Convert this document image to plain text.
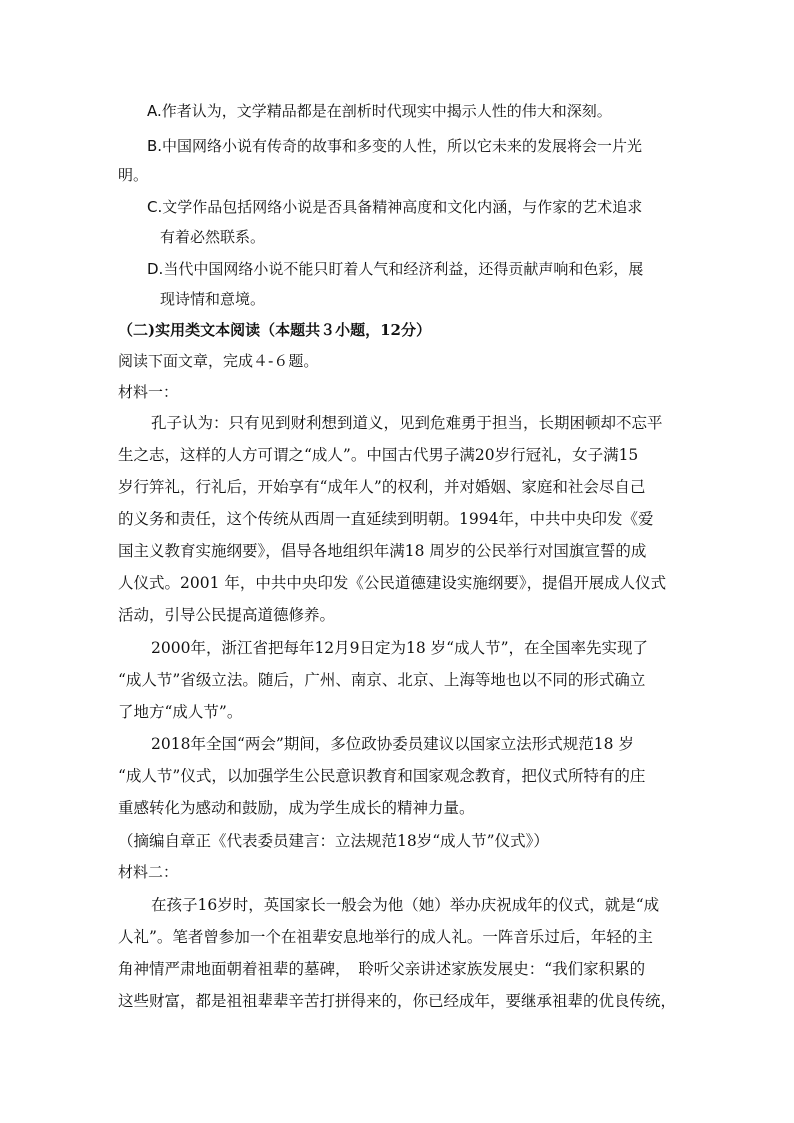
A.作者认为，文学精品都是在剖析时代现实中揭示人性的伟大和深刻。
B.中国网络小说有传奇的故事和多变的人性，所以它未来的发展将会一片光
明。
C.文学作品包括网络小说是否具备精神高度和文化内涵，与作家的艺术追求
有着必然联系。
D.当代中国网络小说不能只盯着人气和经济利益，还得贡献声响和色彩，展
现诗情和意境。
（二)实用类文本阅读（本题共３小题，12分）
阅读下面文章，完成４-６题。
材料一：
孔子认为：只有见到财利想到道义，见到危难勇于担当，长期困顿却不忘平
生之志，这样的人方可谓之“成人”。中国古代男子满20岁行冠礼，女子满15
岁行笄礼，行礼后，开始享有“成年人”的权利，并对婚姻、家庭和社会尽自己
的义务和责任，这个传统从西周一直延续到明朝。1994年，中共中央印发《爱
国主义教育实施纲要》，倡导各地组织年满18 周岁的公民举行对国旗宣誓的成
人仪式。2001 年，中共中央印发《公民道德建设实施纲要》，提倡开展成人仪式
活动，引导公民提高道德修养。
2000年，浙江省把每年12月9日定为18 岁“成人节”，在全国率先实现了
“成人节”省级立法。随后，广州、南京、北京、上海等地也以不同的形式确立
了地方“成人节”。
2018年全国“两会”期间，多位政协委员建议以国家立法形式规范18 岁
“成人节”仪式，以加强学生公民意识教育和国家观念教育，把仪式所特有的庄
重感转化为感动和鼓励，成为学生成长的精神力量。
（摘编自章正《代表委员建言：立法规范18岁“成人节”仪式》）
材料二：
在孩子16岁时，英国家长一般会为他（她）举办庆祝成年的仪式，就是“成
人礼”。笔者曾参加一个在祖辈安息地举行的成人礼。一阵音乐过后，年轻的主
角神情严肃地面朝着祖辈的墓碑，　聆听父亲讲述家族发展史：“我们家积累的
这些财富，都是祖祖辈辈辛苦打拼得来的，你已经成年，要继承祖辈的优良传统，
